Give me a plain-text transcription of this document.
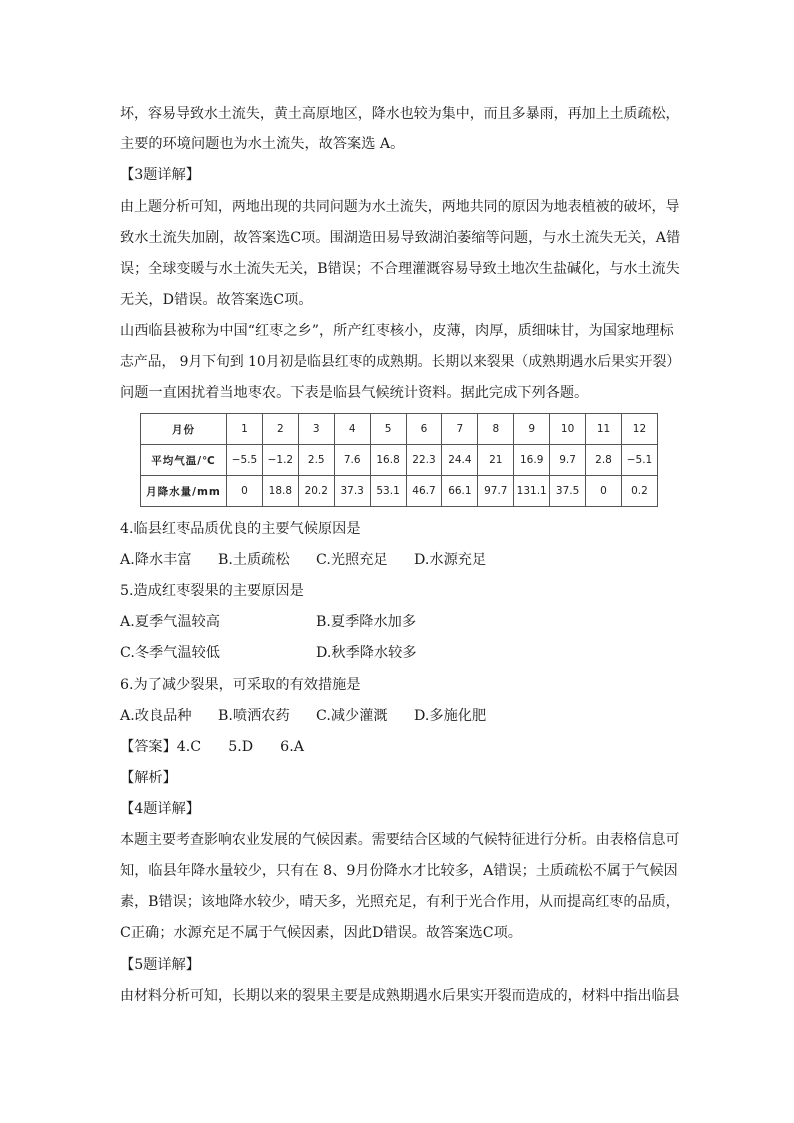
坏，容易导致水土流失，黄土高原地区，降水也较为集中，而且多暴雨，再加上土质疏松，
主要的环境问题也为水土流失，故答案选 A。
【3题详解】
由上题分析可知，两地出现的共同问题为水土流失，两地共同的原因为地表植被的破坏，导
致水土流失加剧，故答案选C项。围湖造田易导致湖泊萎缩等问题，与水土流失无关，A错
误；全球变暖与水土流失无关，B错误；不合理灌溉容易导致土地次生盐碱化，与水土流失
无关，D错误。故答案选C项。
山西临县被称为中国“红枣之乡”，所产红枣核小，皮薄，肉厚，质细味甘，为国家地理标
志产品， 9月下旬到 10月初是临县红枣的成熟期。长期以来裂果（成熟期遇水后果实开裂）
问题一直困扰着当地枣农。下表是临县气候统计资料。据此完成下列各题。
月份	1	2	3	4	5	6	7	8	9	10	11	12
平均气温/℃	−5.5	−1.2	2.5	7.6	16.8	22.3	24.4	21	16.9	9.7	2.8	−5.1
月降水量/mm	0	18.8	20.2	37.3	53.1	46.7	66.1	97.7	131.1	37.5	0	0.2
4.临县红枣品质优良的主要气候原因是
A.降水丰富 B.土质疏松 C.光照充足 D.水源充足
5.造成红枣裂果的主要原因是
A.夏季气温较高	B.夏季降水加多
C.冬季气温较低	D.秋季降水较多
6.为了减少裂果，可采取的有效措施是
A.改良品种 B.喷洒农药 C.减少灌溉 D.多施化肥
【答案】4.C      5.D      6.A
【解析】
【4题详解】
本题主要考查影响农业发展的气候因素。需要结合区域的气候特征进行分析。由表格信息可
知，临县年降水量较少，只有在 8、9月份降水才比较多，A错误；土质疏松不属于气候因
素，B错误；该地降水较少，晴天多，光照充足，有利于光合作用，从而提高红枣的品质，
C正确；水源充足不属于气候因素，因此D错误。故答案选C项。
【5题详解】
由材料分析可知，长期以来的裂果主要是成熟期遇水后果实开裂而造成的，材料中指出临县
